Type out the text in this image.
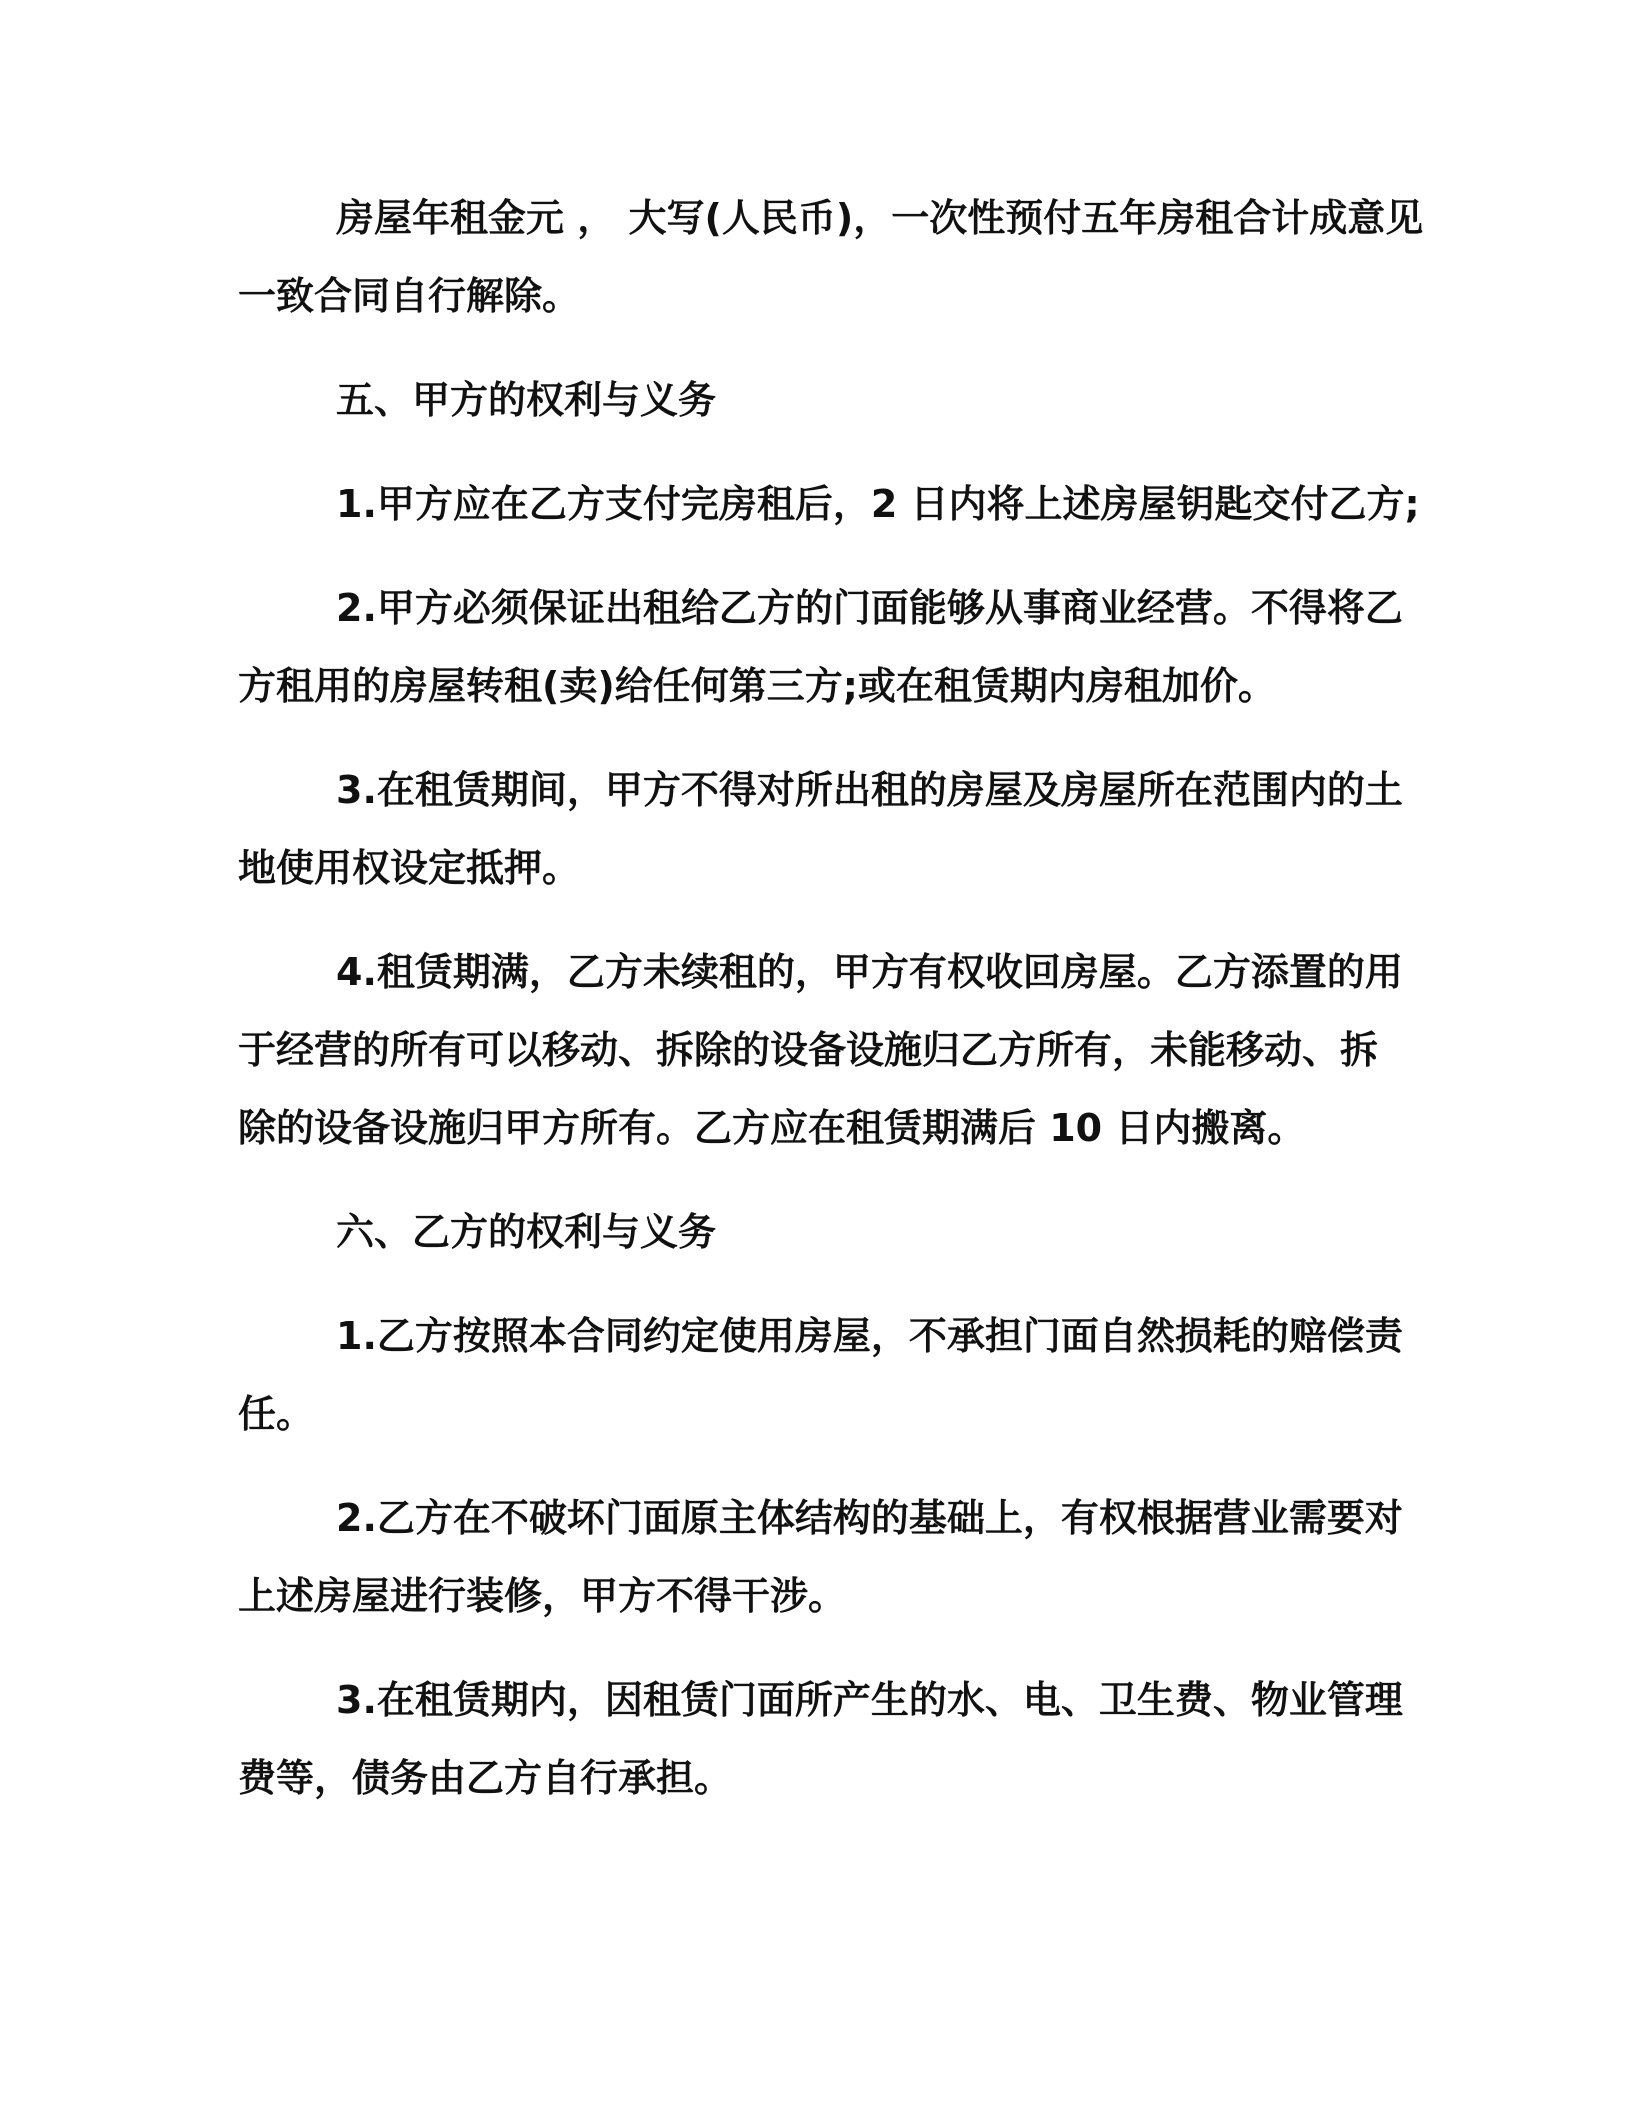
房屋年租金元 ， 大写(人民币)，一次性预付五年房租合计成意见
一致合同自行解除。
五、甲方的权利与义务
1.甲方应在乙方支付完房租后，2 日内将上述房屋钥匙交付乙方;
2.甲方必须保证出租给乙方的门面能够从事商业经营。不得将乙
方租用的房屋转租(卖)给任何第三方;或在租赁期内房租加价。
3.在租赁期间，甲方不得对所出租的房屋及房屋所在范围内的土
地使用权设定抵押。
4.租赁期满，乙方未续租的，甲方有权收回房屋。乙方添置的用
于经营的所有可以移动、拆除的设备设施归乙方所有，未能移动、拆
除的设备设施归甲方所有。乙方应在租赁期满后 10 日内搬离。
六、乙方的权利与义务
1.乙方按照本合同约定使用房屋，不承担门面自然损耗的赔偿责
任。
2.乙方在不破坏门面原主体结构的基础上，有权根据营业需要对
上述房屋进行装修，甲方不得干涉。
3.在租赁期内，因租赁门面所产生的水、电、卫生费、物业管理
费等，债务由乙方自行承担。
